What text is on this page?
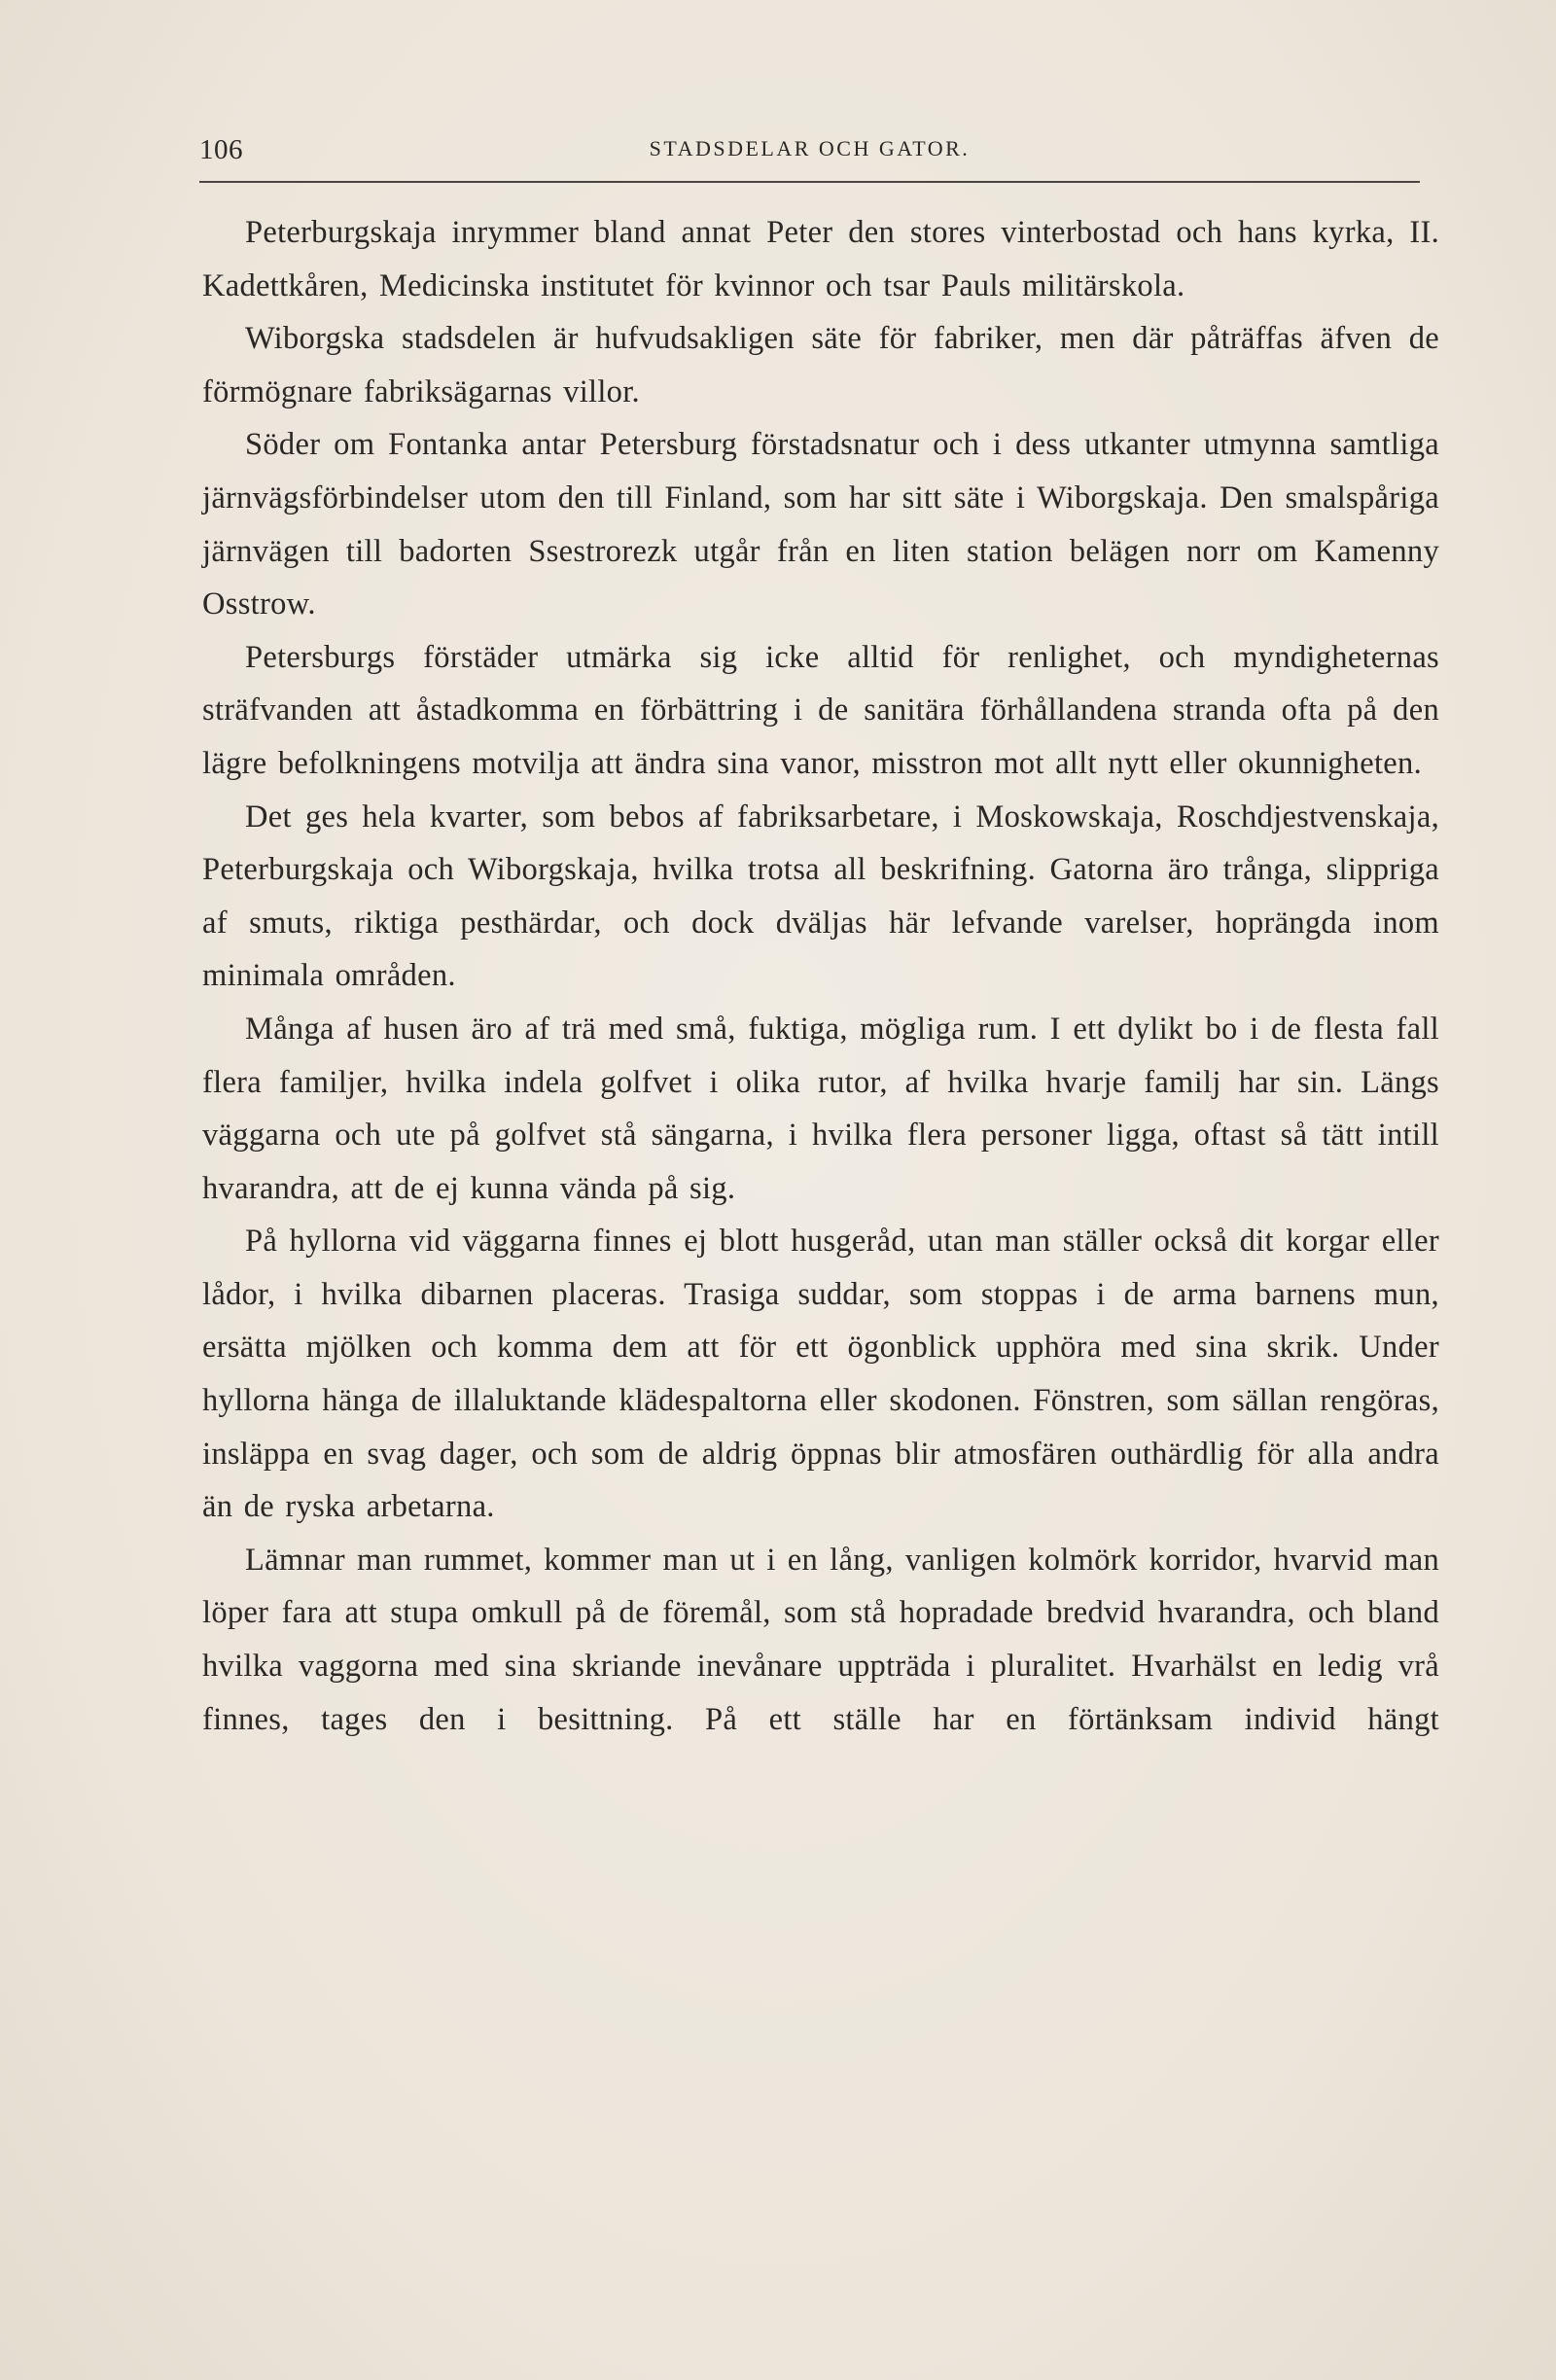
106	STADSDELAR OCH GATOR.

Peterburgskaja inrymmer bland annat Peter den stores vinterbostad och hans kyrka, II. Kadettkåren, Medicinska institutet för kvinnor och tsar Pauls militärskola.

Wiborgska stadsdelen är hufvudsakligen säte för fabriker, men där påträffas äfven de förmögnare fabriksägarnas villor.

Söder om Fontanka antar Petersburg förstadsnatur och i dess utkanter utmynna samtliga järnvägsförbindelser utom den till Finland, som har sitt säte i Wiborgskaja. Den smalspåriga järnvägen till badorten Ssestrorezk utgår från en liten station belägen norr om Kamenny Osstrow.

Petersburgs förstäder utmärka sig icke alltid för renlighet, och myndigheternas sträfvanden att åstadkomma en förbättring i de sanitära förhållandena stranda ofta på den lägre befolkningens motvilja att ändra sina vanor, misstron mot allt nytt eller okunnigheten.

Det ges hela kvarter, som bebos af fabriksarbetare, i Moskowskaja, Roschdjestvenskaja, Peterburgskaja och Wiborgskaja, hvilka trotsa all beskrifning. Gatorna äro trånga, slippriga af smuts, riktiga pesthärdar, och dock dväljas här lefvande varelser, hoprängda inom minimala områden.

Många af husen äro af trä med små, fuktiga, mögliga rum. I ett dylikt bo i de flesta fall flera familjer, hvilka indela golfvet i olika rutor, af hvilka hvarje familj har sin. Längs väggarna och ute på golfvet stå sängarna, i hvilka flera personer ligga, oftast så tätt intill hvarandra, att de ej kunna vända på sig.

På hyllorna vid väggarna finnes ej blott husgeråd, utan man ställer också dit korgar eller lådor, i hvilka dibarnen placeras. Trasiga suddar, som stoppas i de arma barnens mun, ersätta mjölken och komma dem att för ett ögonblick upphöra med sina skrik. Under hyllorna hänga de illaluktande klädespaltorna eller skodonen. Fönstren, som sällan rengöras, insläppa en svag dager, och som de aldrig öppnas blir atmosfären outhärdlig för alla andra än de ryska arbetarna.

Lämnar man rummet, kommer man ut i en lång, vanligen kolmörk korridor, hvarvid man löper fara att stupa omkull på de föremål, som stå hopradade bredvid hvarandra, och bland hvilka vaggorna med sina skriande inevånare uppträda i pluralitet. Hvarhälst en ledig vrå finnes, tages den i besittning. På ett ställe har en förtänksam individ hängt
